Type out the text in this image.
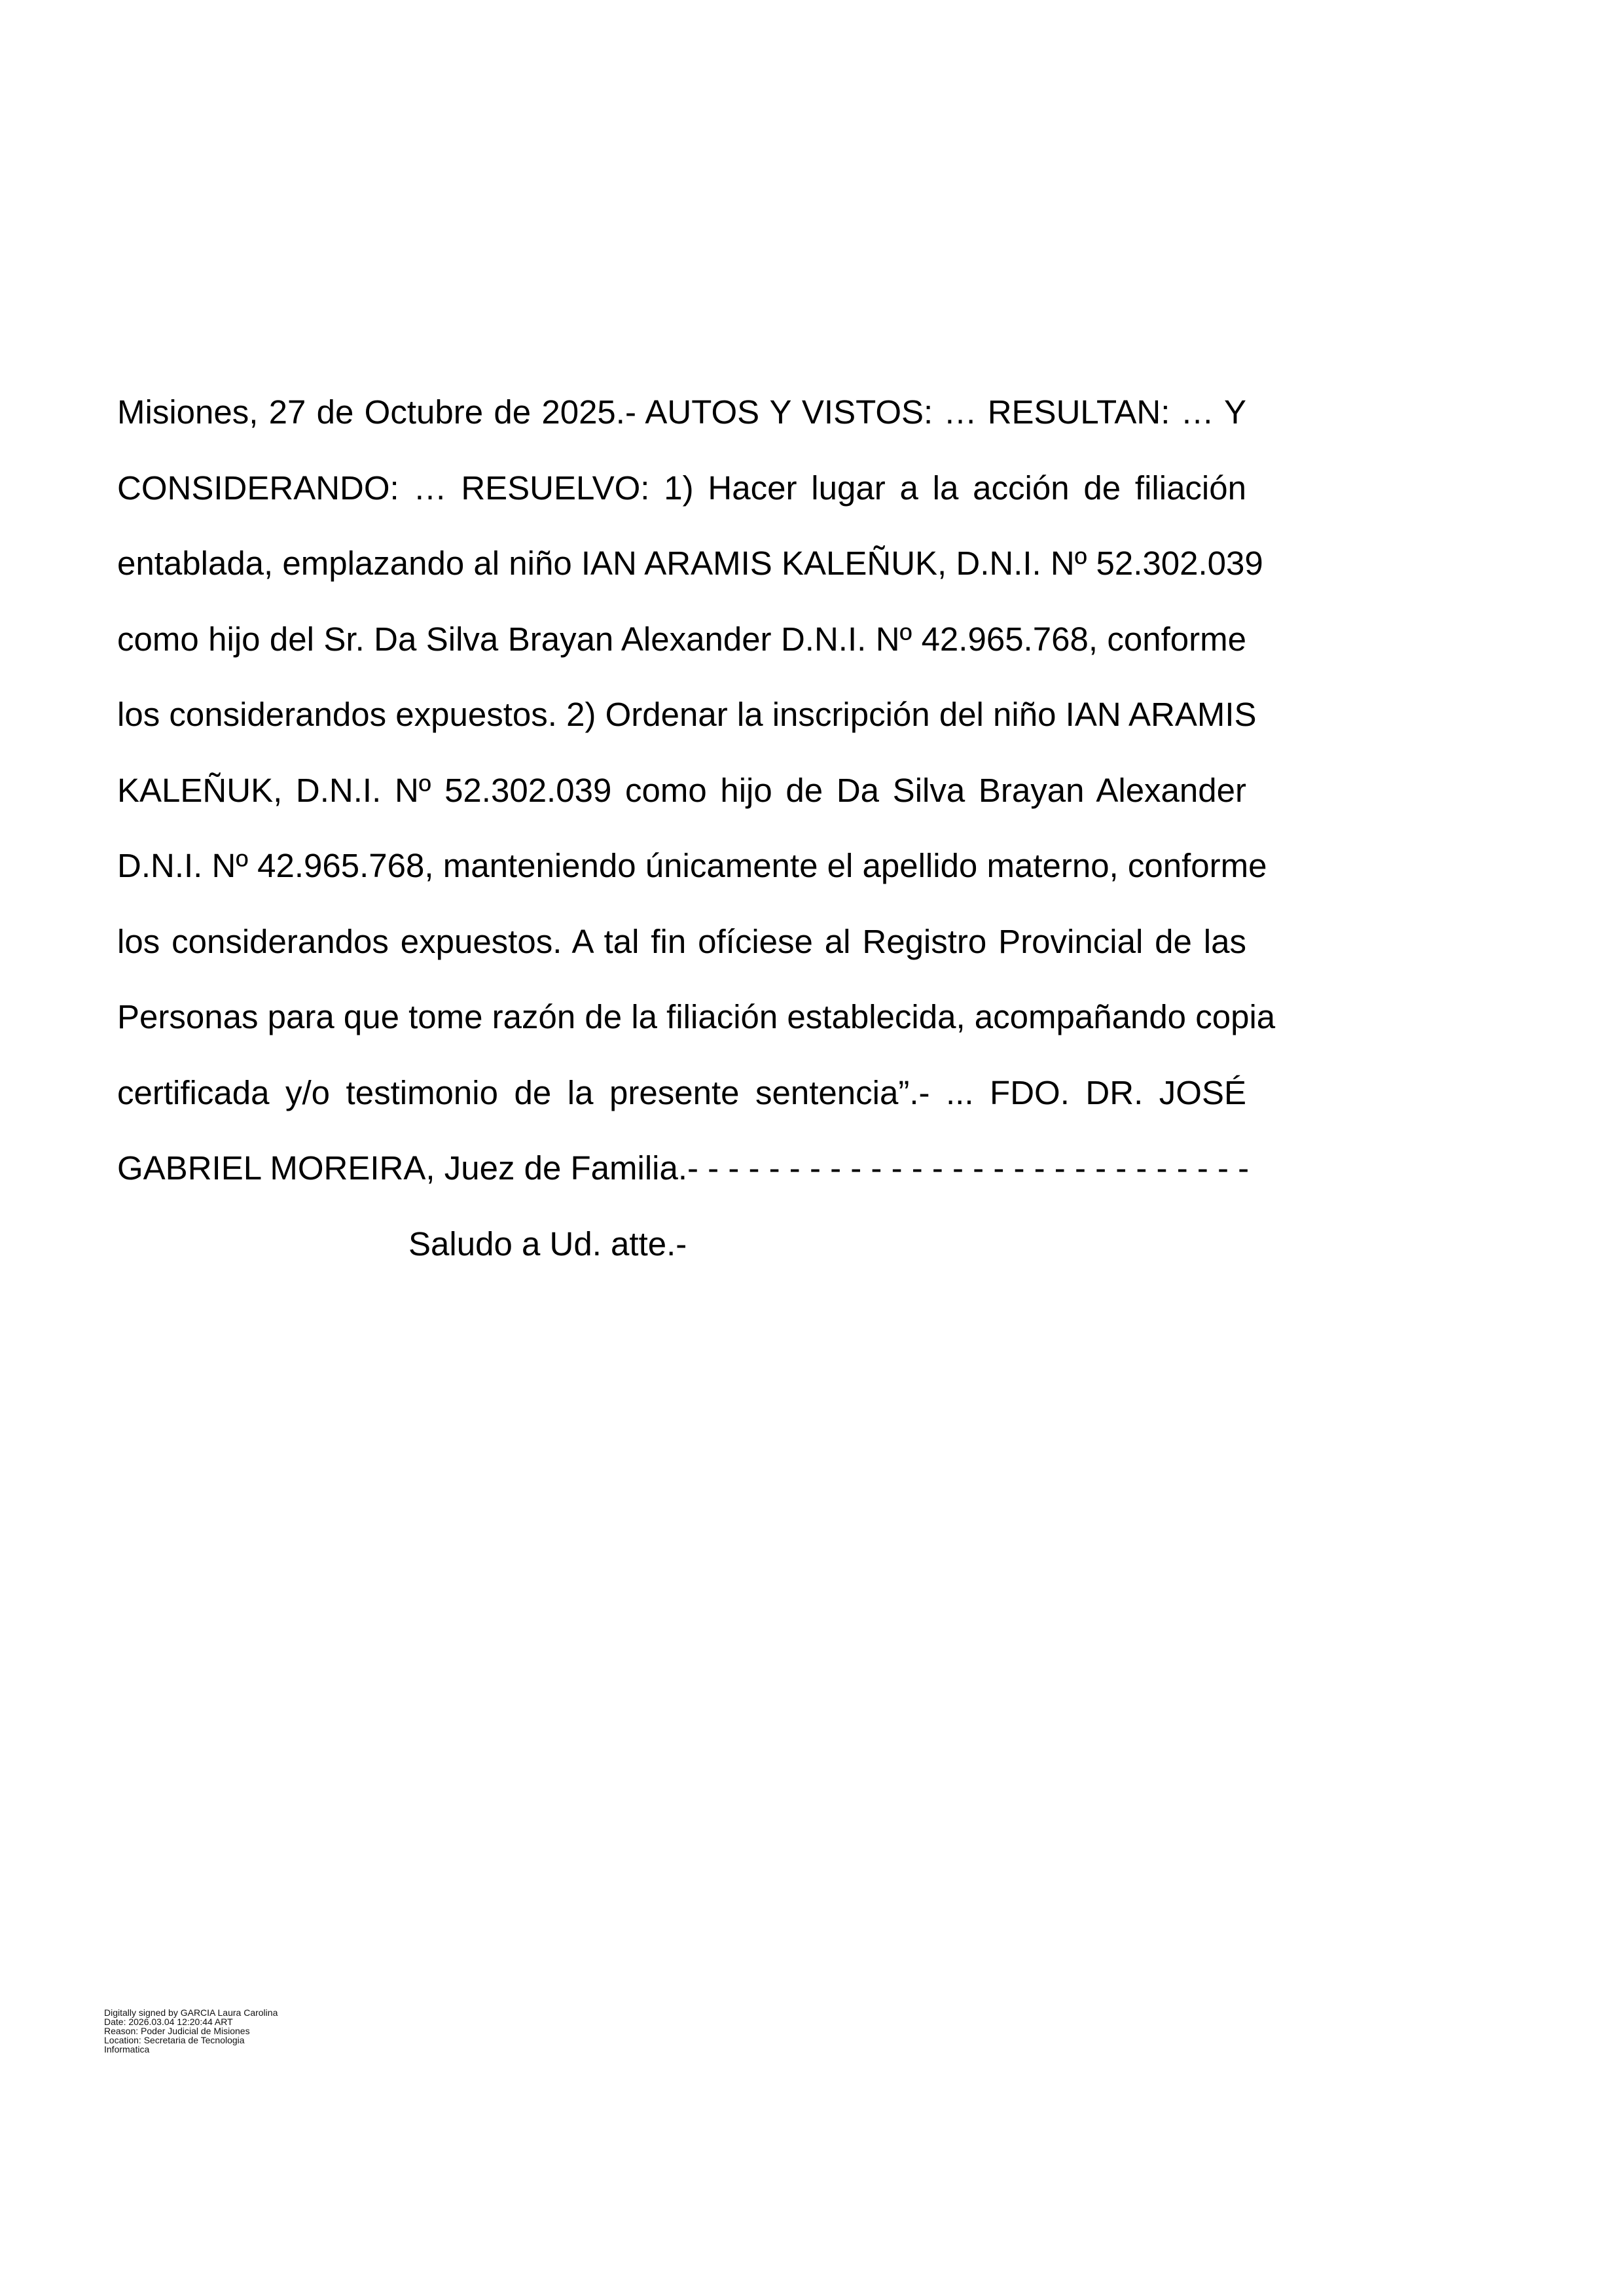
Misiones, 27 de Octubre de 2025.- AUTOS Y VISTOS: … RESULTAN: … Y
CONSIDERANDO: … RESUELVO: 1) Hacer lugar a la acción de filiación
entablada, emplazando al niño IAN ARAMIS KALEÑUK, D.N.I. Nº 52.302.039
como hijo del Sr. Da Silva Brayan Alexander D.N.I. Nº 42.965.768, conforme
los considerandos expuestos. 2) Ordenar la inscripción del niño IAN ARAMIS
KALEÑUK, D.N.I. Nº 52.302.039 como hijo de Da Silva Brayan Alexander
D.N.I. Nº 42.965.768, manteniendo únicamente el apellido materno, conforme
los considerandos expuestos. A tal fin ofíciese al Registro Provincial de las
Personas para que tome razón de la filiación establecida, acompañando copia
certificada y/o testimonio de la presente sentencia”.- ... FDO. DR. JOSÉ
GABRIEL MOREIRA, Juez de Familia.- - - - - - - - - - - - - - - - - - - - - - - - - - - -
Saludo a Ud. atte.-
Digitally signed by GARCIA Laura Carolina
Date: 2026.03.04 12:20:44 ART
Reason: Poder Judicial de Misiones
Location: Secretaria de Tecnologia
Informatica
